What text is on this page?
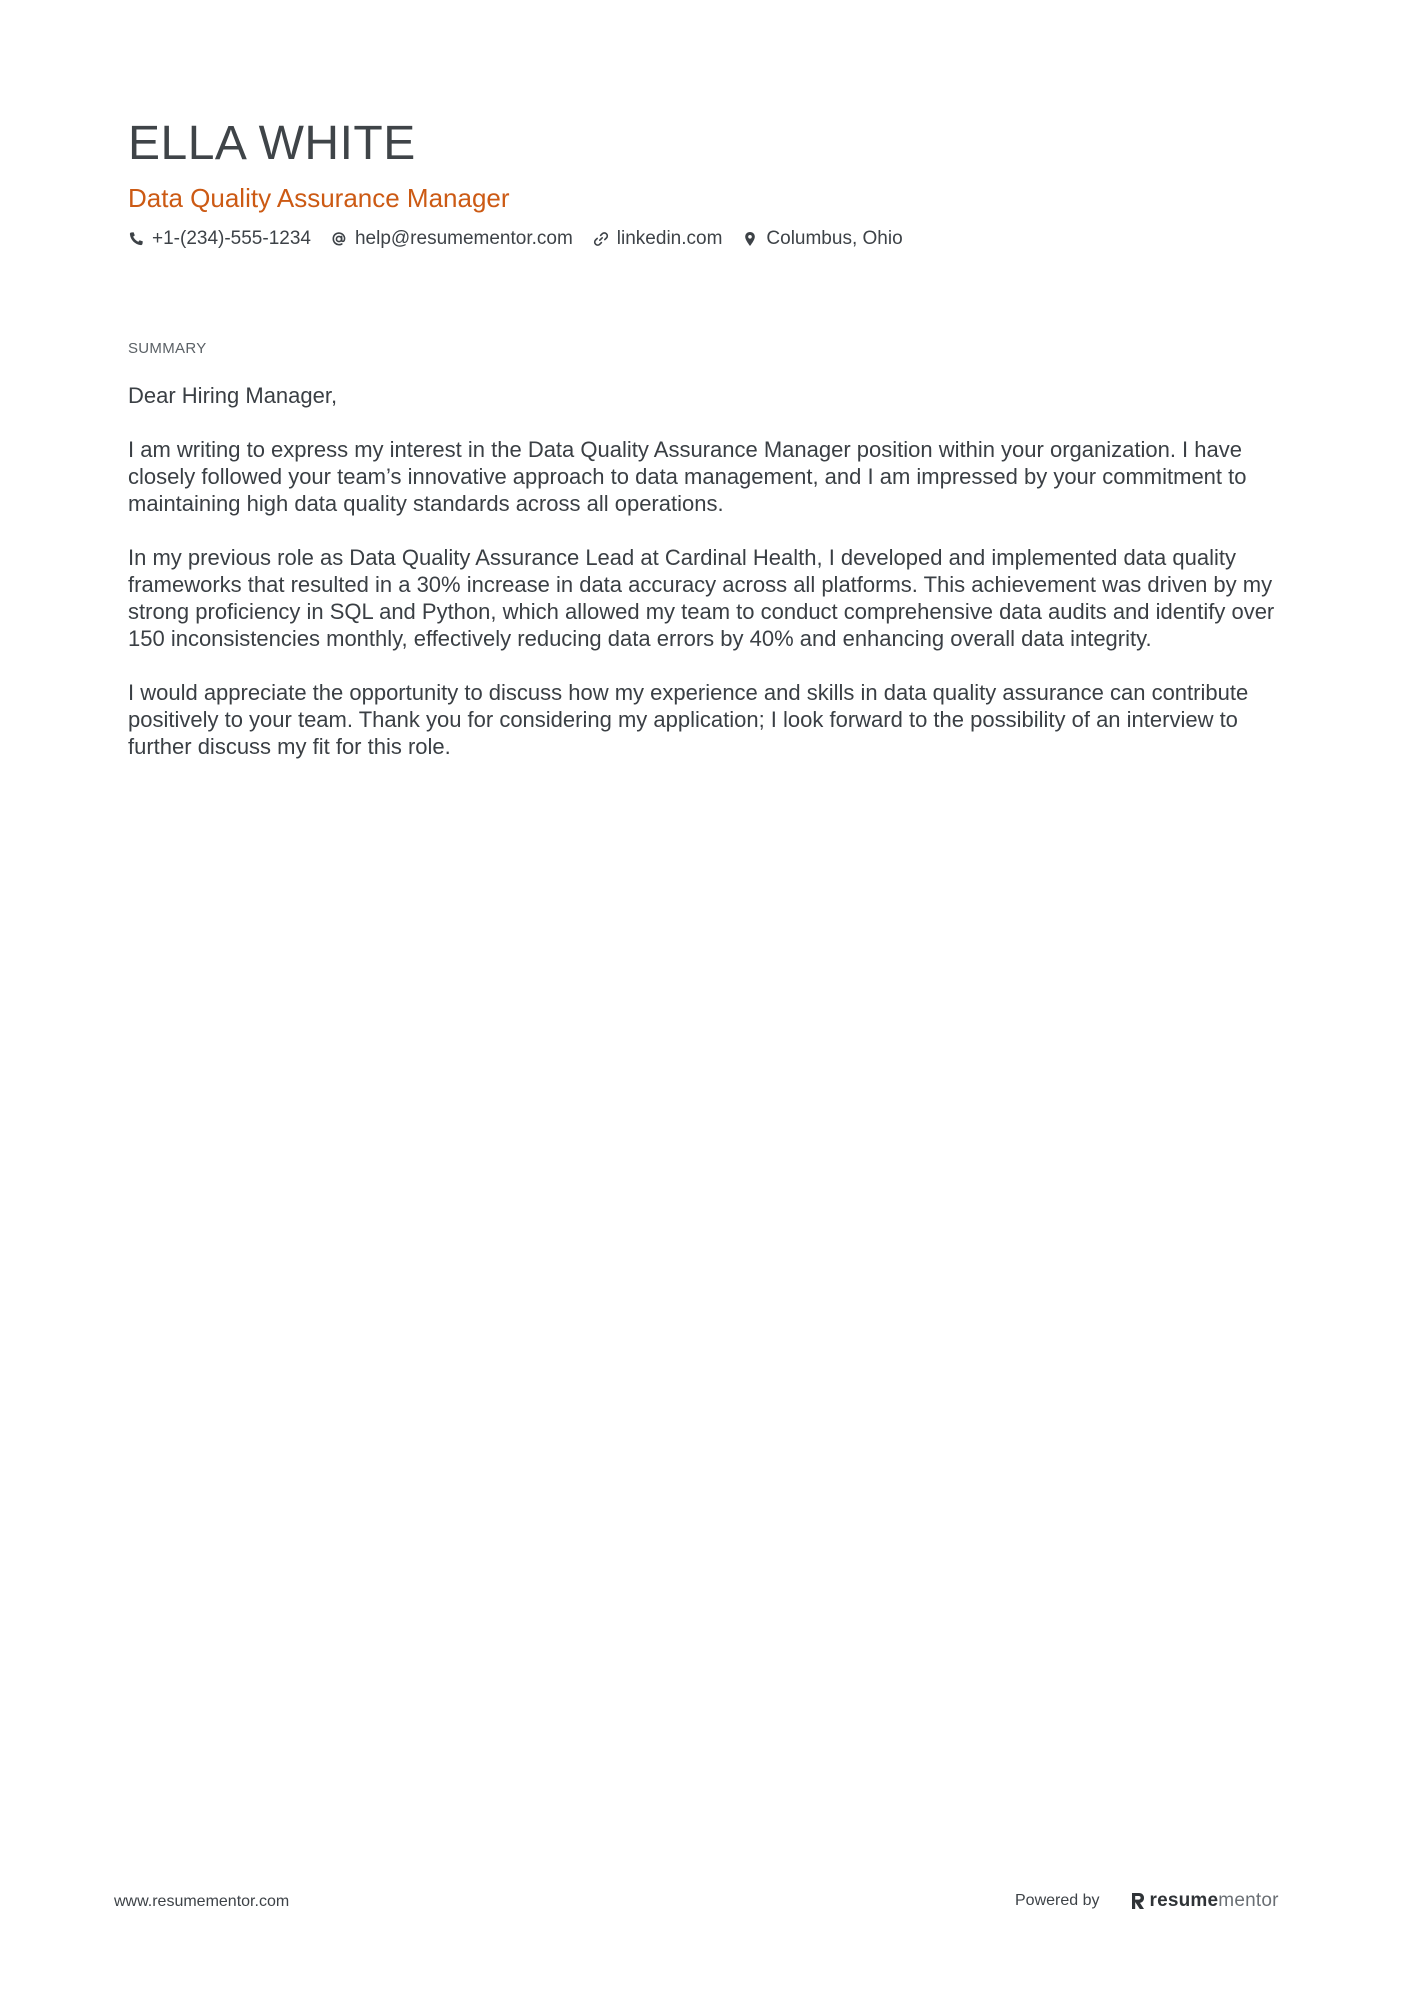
ELLA WHITE
Data Quality Assurance Manager
+1-(234)-555-1234 help@resumementor.com linkedin.com Columbus, Ohio
SUMMARY

Dear Hiring Manager,

I am writing to express my interest in the Data Quality Assurance Manager position within your organization. I have closely followed your team’s innovative approach to data management, and I am impressed by your commitment to maintaining high data quality standards across all operations.

In my previous role as Data Quality Assurance Lead at Cardinal Health, I developed and implemented data quality frameworks that resulted in a 30% increase in data accuracy across all platforms. This achievement was driven by my strong proficiency in SQL and Python, which allowed my team to conduct comprehensive data audits and identify over 150 inconsistencies monthly, effectively reducing data errors by 40% and enhancing overall data integrity.

I would appreciate the opportunity to discuss how my experience and skills in data quality assurance can contribute positively to your team. Thank you for considering my application; I look forward to the possibility of an interview to further discuss my fit for this role.

www.resumementor.com	Powered by	resume mentor
